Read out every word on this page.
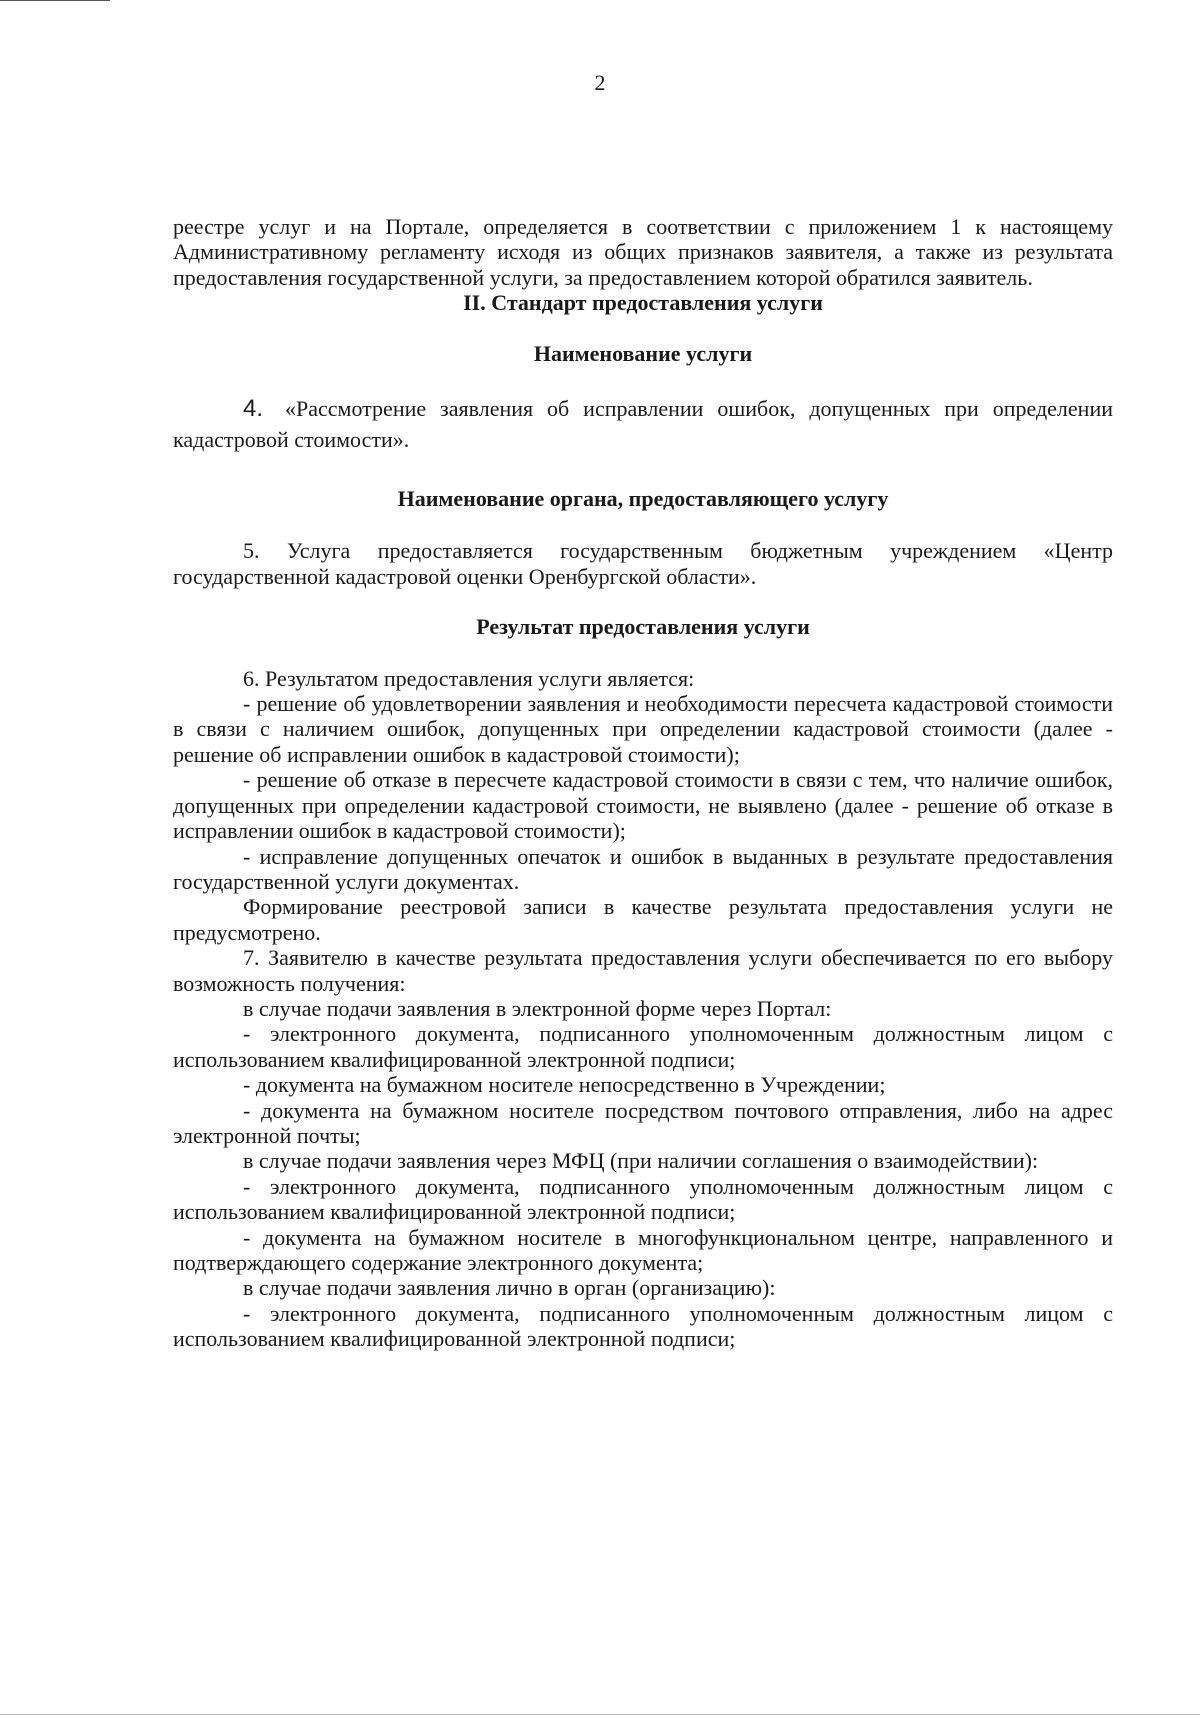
2

реестре услуг и на Портале, определяется в соответствии с приложением 1 к настоящему Административному регламенту исходя из общих признаков заявителя, а также из результата предоставления государственной услуги, за предоставлением которой обратился заявитель.

II. Стандарт предоставления услуги

Наименование услуги

4. «Рассмотрение заявления об исправлении ошибок, допущенных при определении кадастровой стоимости».

Наименование органа, предоставляющего услугу

5. Услуга предоставляется государственным бюджетным учреждением «Центр государственной кадастровой оценки Оренбургской области».

Результат предоставления услуги

6. Результатом предоставления услуги является:

- решение об удовлетворении заявления и необходимости пересчета кадастровой стоимости в связи с наличием ошибок, допущенных при определении кадастровой стоимости (далее - решение об исправлении ошибок в кадастровой стоимости);

- решение об отказе в пересчете кадастровой стоимости в связи с тем, что наличие ошибок, допущенных при определении кадастровой стоимости, не выявлено (далее - решение об отказе в исправлении ошибок в кадастровой стоимости);

- исправление допущенных опечаток и ошибок в выданных в результате предоставления государственной услуги документах.

Формирование реестровой записи в качестве результата предоставления услуги не предусмотрено.

7. Заявителю в качестве результата предоставления услуги обеспечивается по его выбору возможность получения:

в случае подачи заявления в электронной форме через Портал:

- электронного документа, подписанного уполномоченным должностным лицом с использованием квалифицированной электронной подписи;

- документа на бумажном носителе непосредственно в Учреждении;

- документа на бумажном носителе посредством почтового отправления, либо на адрес электронной почты;

в случае подачи заявления через МФЦ (при наличии соглашения о взаимодействии):

- электронного документа, подписанного уполномоченным должностным лицом с использованием квалифицированной электронной подписи;

- документа на бумажном носителе в многофункциональном центре, направленного и подтверждающего содержание электронного документа;

в случае подачи заявления лично в орган (организацию):

- электронного документа, подписанного уполномоченным должностным лицом с использованием квалифицированной электронной подписи;
